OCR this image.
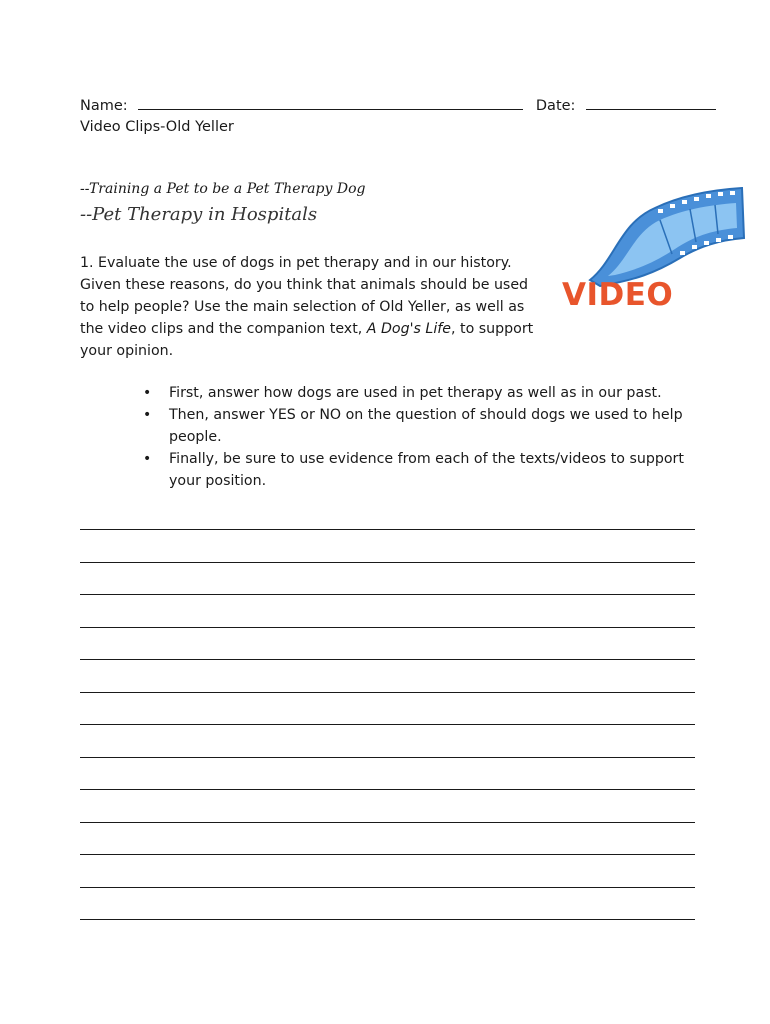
Name:	Date:
Video Clips-Old Yeller
--Training a Pet to be a Pet Therapy Dog
--Pet Therapy in Hospitals
1. Evaluate the use of dogs in pet therapy and in our history. Given these reasons, do you think that animals should be used to help people? Use the main selection of Old Yeller, as well as the video clips and the companion text, A Dog's Life, to support your opinion.
• First, answer how dogs are used in pet therapy as well as in our past.
• Then, answer YES or NO on the question of should dogs we used to help people.
• Finally, be sure to use evidence from each of the texts/videos to support your position.
VIDEO
